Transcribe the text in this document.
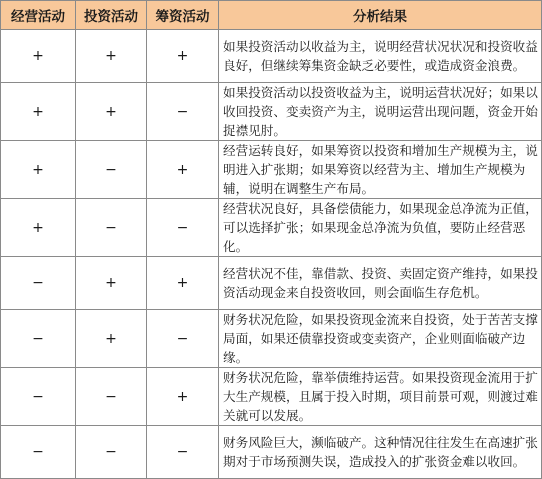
经营活动	投资活动	筹资活动	分析结果
+	+	+	如果投资活动以收益为主，说明经营状况状况和投资收益良好，但继续筹集资金缺乏必要性，或造成资金浪费。
+	+	−	如果投资活动以投资收益为主，说明运营状况好；如果以收回投资、变卖资产为主，说明运营出现问题，资金开始捉襟见肘。
+	−	+	经营运转良好，如果筹资以投资和增加生产规模为主，说明进入扩张期；如果筹资以经营为主、增加生产规模为辅，说明在调整生产布局。
+	−	−	经营状况良好，具备偿债能力，如果现金总净流为正值，可以选择扩张；如果现金总净流为负值，要防止经营恶化。
−	+	+	经营状况不佳，靠借款、投资、卖固定资产维持，如果投资活动现金来自投资收回，则会面临生存危机。
−	+	−	财务状况危险，如果投资现金流来自投资，处于苦苦支撑局面，如果还债靠投资或变卖资产，企业则面临破产边缘。
−	−	+	财务状况危险，靠举债维持运营。如果投资现金流用于扩大生产规模，且属于投入时期，项目前景可观，则渡过难关就可以发展。
−	−	−	财务风险巨大，濒临破产。这种情况往往发生在高速扩张期对于市场预测失误，造成投入的扩张资金难以收回。
